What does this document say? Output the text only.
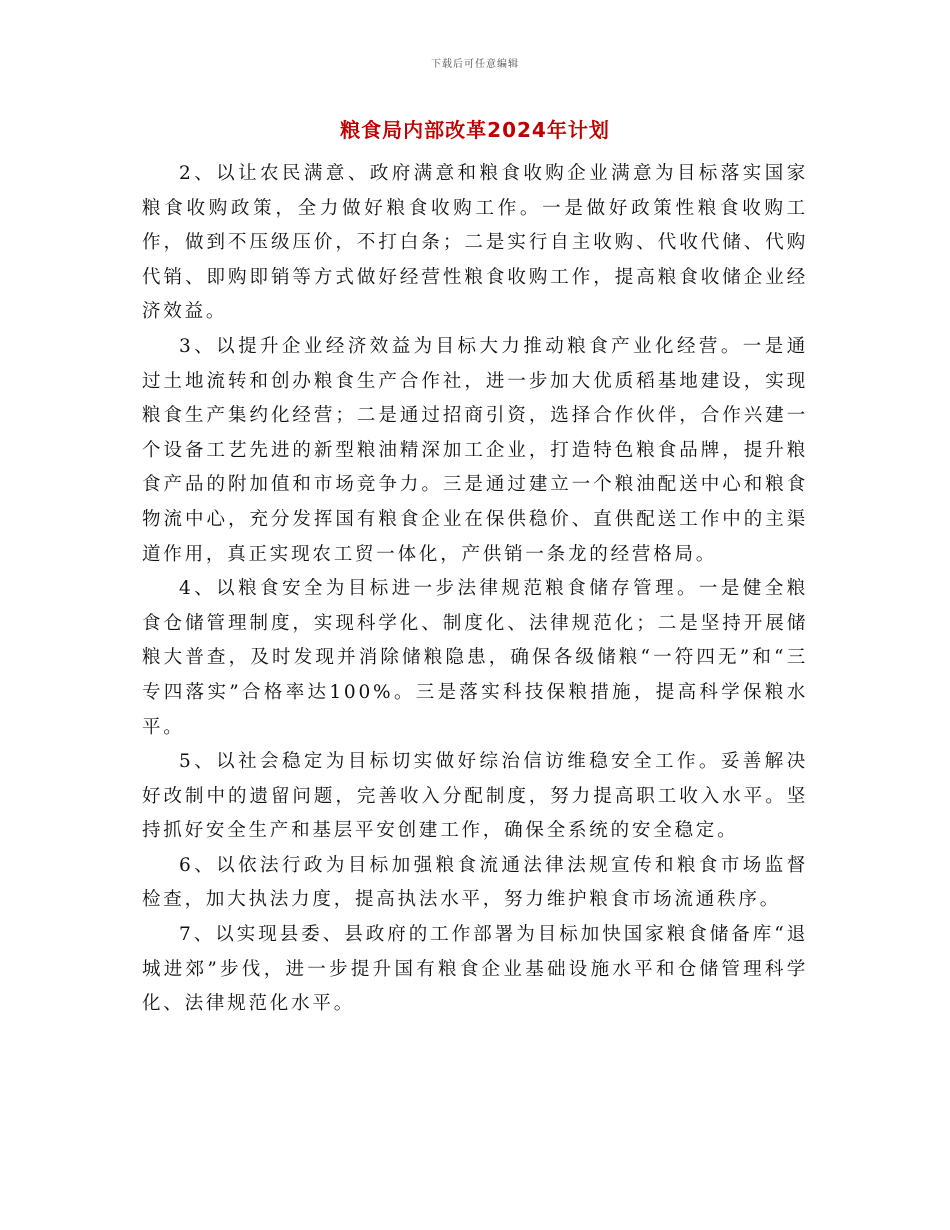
下载后可任意编辑
粮食局内部改革2024年计划

2、以让农民满意、政府满意和粮食收购企业满意为目标落实国家粮食收购政策，全力做好粮食收购工作。一是做好政策性粮食收购工作，做到不压级压价，不打白条；二是实行自主收购、代收代储、代购代销、即购即销等方式做好经营性粮食收购工作，提高粮食收储企业经济效益。

3、以提升企业经济效益为目标大力推动粮食产业化经营。一是通过土地流转和创办粮食生产合作社，进一步加大优质稻基地建设，实现粮食生产集约化经营；二是通过招商引资，选择合作伙伴，合作兴建一个设备工艺先进的新型粮油精深加工企业，打造特色粮食品牌，提升粮食产品的附加值和市场竞争力。三是通过建立一个粮油配送中心和粮食物流中心，充分发挥国有粮食企业在保供稳价、直供配送工作中的主渠道作用，真正实现农工贸一体化，产供销一条龙的经营格局。

4、以粮食安全为目标进一步法律规范粮食储存管理。一是健全粮食仓储管理制度，实现科学化、制度化、法律规范化；二是坚持开展储粮大普查，及时发现并消除储粮隐患，确保各级储粮“一符四无”和“三专四落实”合格率达100%。三是落实科技保粮措施，提高科学保粮水平。

5、以社会稳定为目标切实做好综治信访维稳安全工作。妥善解决好改制中的遗留问题，完善收入分配制度，努力提高职工收入水平。坚持抓好安全生产和基层平安创建工作，确保全系统的安全稳定。

6、以依法行政为目标加强粮食流通法律法规宣传和粮食市场监督检查，加大执法力度，提高执法水平，努力维护粮食市场流通秩序。

7、以实现县委、县政府的工作部署为目标加快国家粮食储备库“退城进郊”步伐，进一步提升国有粮食企业基础设施水平和仓储管理科学化、法律规范化水平。
